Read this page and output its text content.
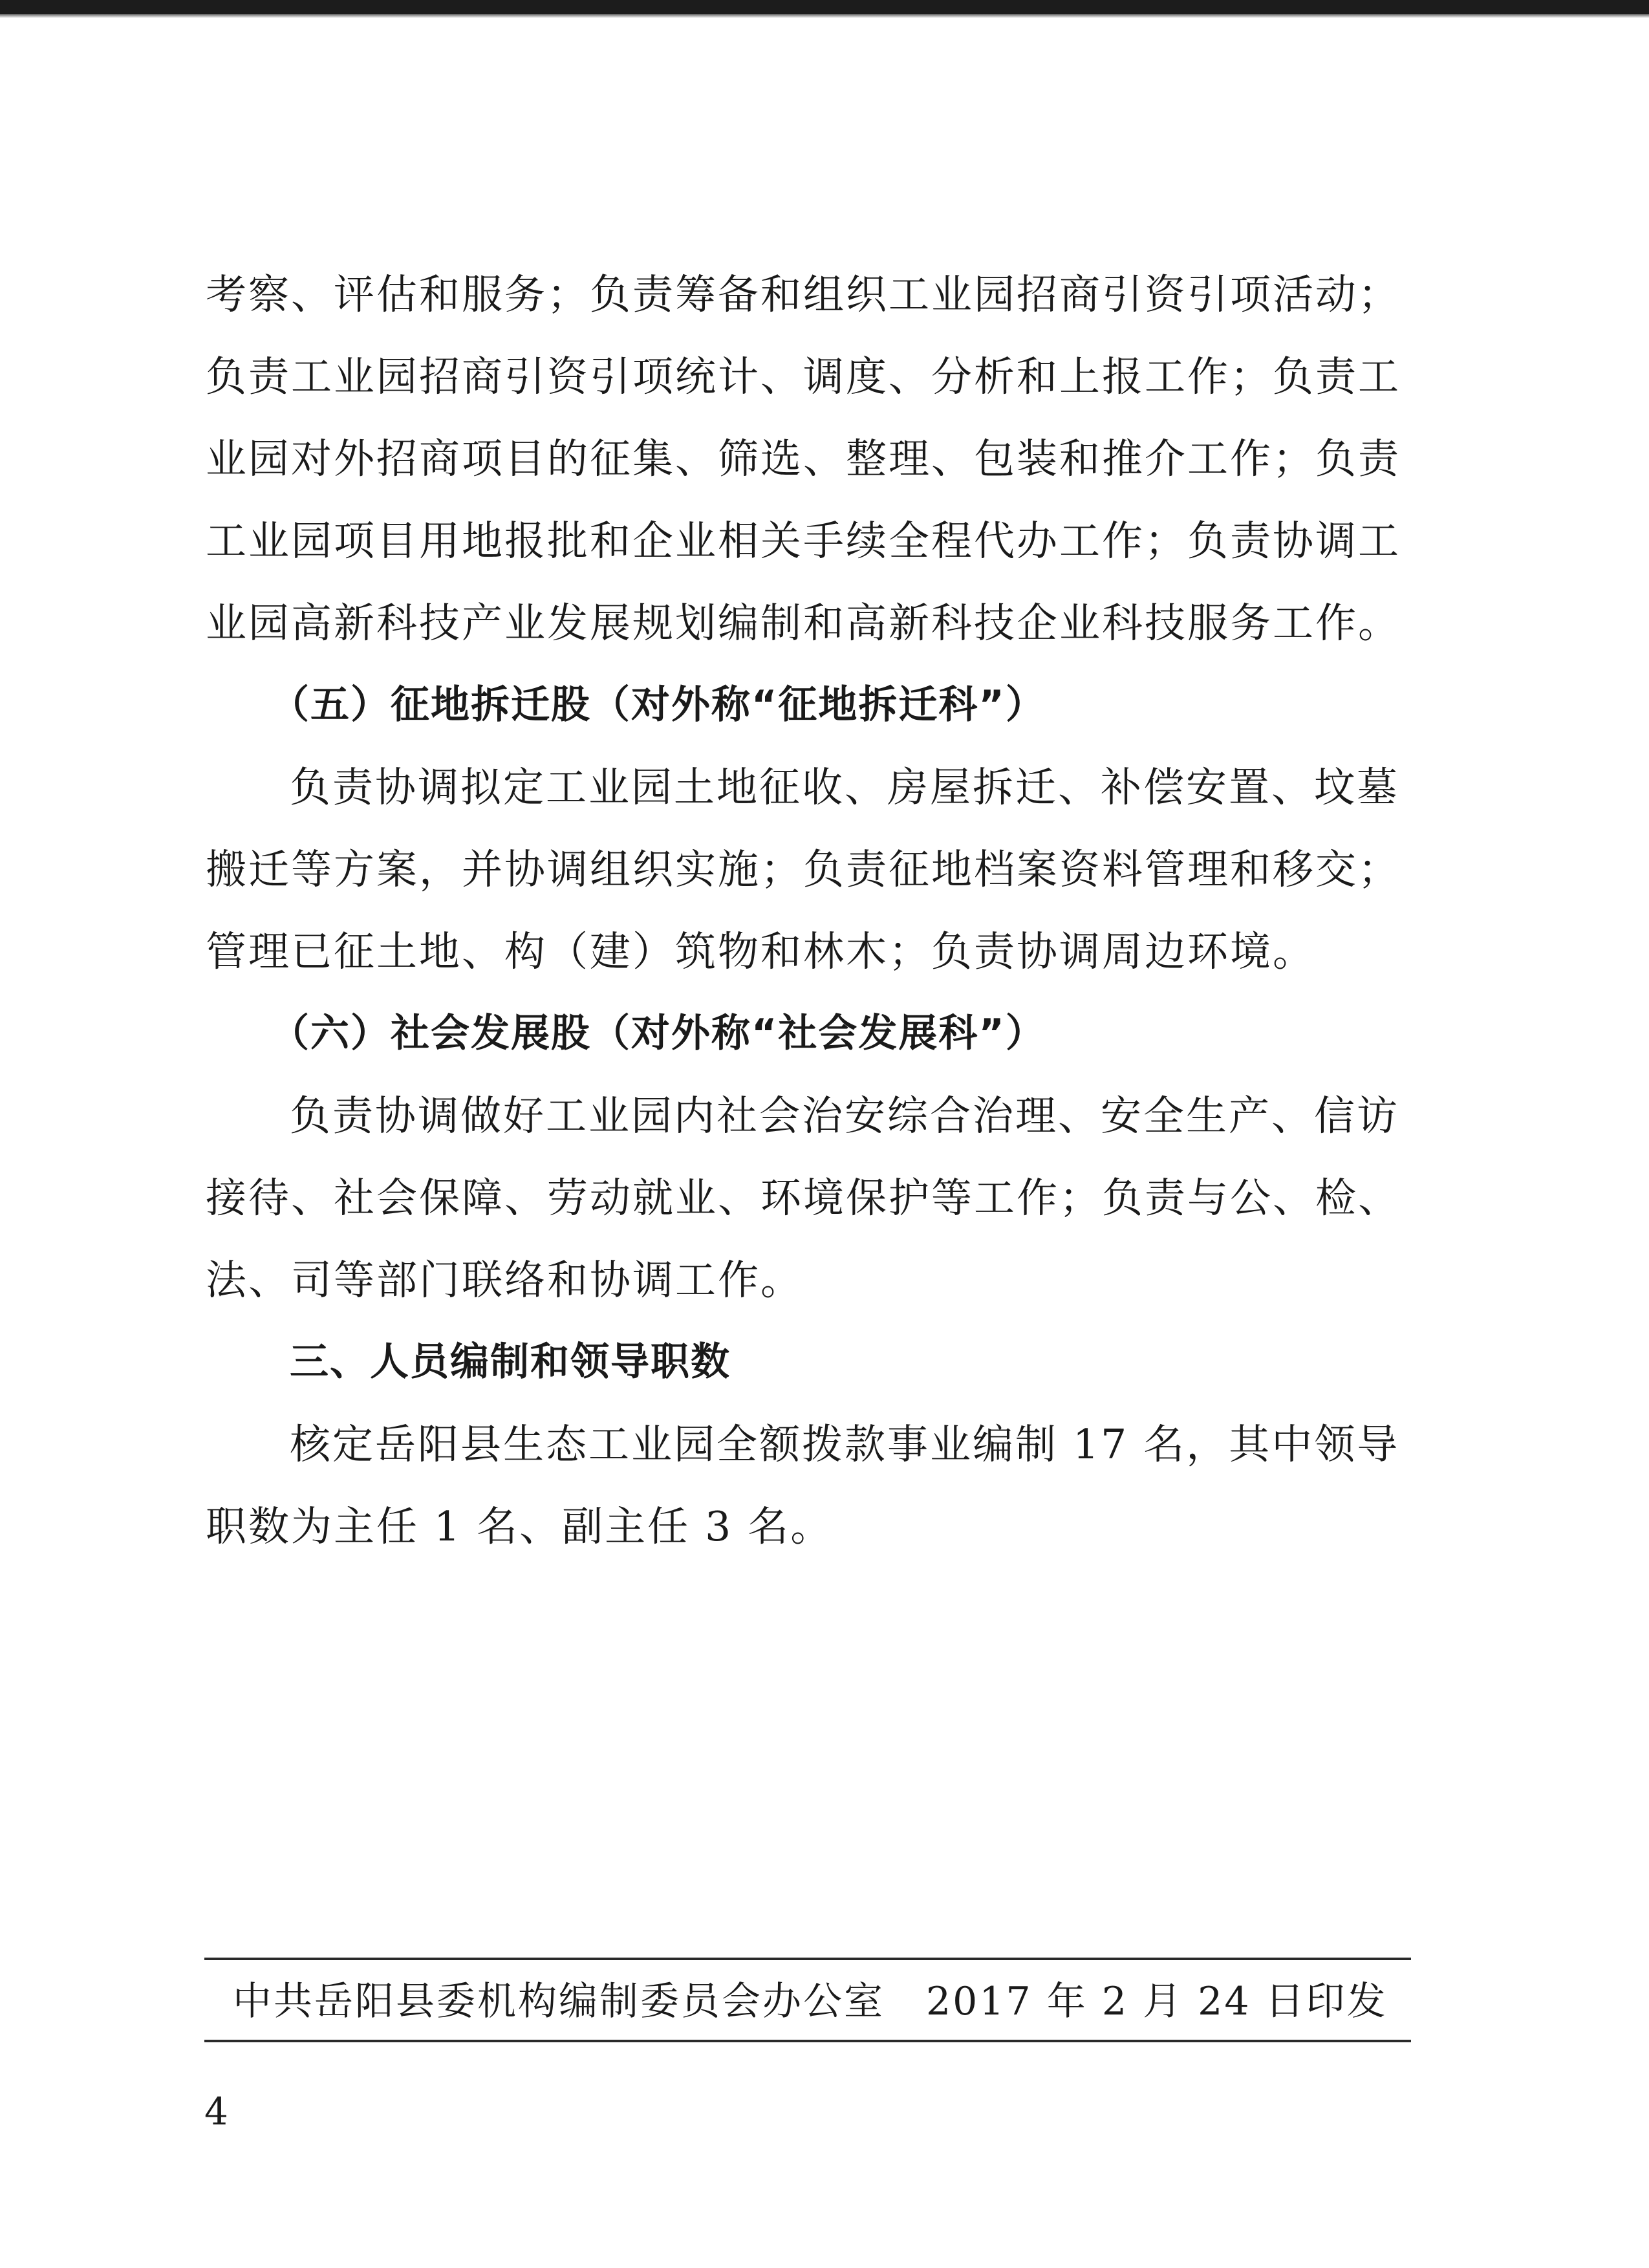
考察、评估和服务；负责筹备和组织工业园招商引资引项活动；

负责工业园招商引资引项统计、调度、分析和上报工作；负责工

业园对外招商项目的征集、筛选、整理、包装和推介工作；负责

工业园项目用地报批和企业相关手续全程代办工作；负责协调工

业园高新科技产业发展规划编制和高新科技企业科技服务工作。

（五）征地拆迁股（对外称“征地拆迁科”）

负责协调拟定工业园土地征收、房屋拆迁、补偿安置、坟墓

搬迁等方案，并协调组织实施；负责征地档案资料管理和移交；

管理已征土地、构（建）筑物和林木；负责协调周边环境。

（六）社会发展股（对外称“社会发展科”）

负责协调做好工业园内社会治安综合治理、安全生产、信访

接待、社会保障、劳动就业、环境保护等工作；负责与公、检、

法、司等部门联络和协调工作。

三、人员编制和领导职数

核定岳阳县生态工业园全额拨款事业编制 17 名，其中领导

职数为主任 1 名、副主任 3 名。

中共岳阳县委机构编制委员会办公室 2017 年 2 月 24 日印发
4
